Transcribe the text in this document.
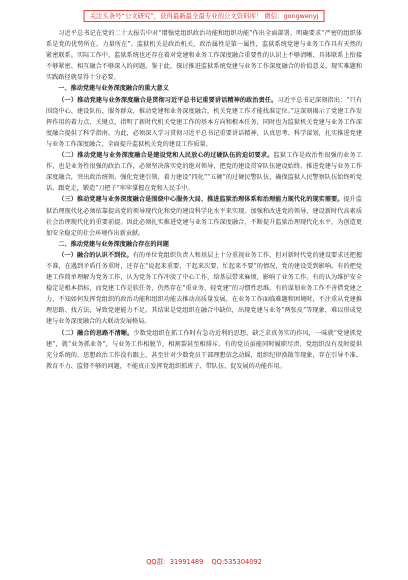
关注头条号“公文研究”，获得最新最全最专业的公文资料库！ 微信：gongwenyj

习近平总书记在党的二十大报告中对“增强党组织政治功能和组织功能”作出全面部署，明确要求“严密的组织体系是党的优势所在、力量所在”。监狱机关是政治机关，政治属性是第一属性，监狱系统党建与业务工作具有天然的紧密联系。实际工作中，监狱系统也还存在着对党建和业务工作深度融合重要性的认识上不够清晰、具体联系上衔接不够紧密、相互融合不够深入的问题。鉴于此，探讨推进监狱系统党建与业务工作深度融合的价值意义、现实难题和实践路径就显得十分必要。

一、推动党建与业务深度融合的重大意义

（一）推动党建与业务深度融合是贯彻习近平总书记重要讲话精神的政治责任。习近平总书记深刻指出：“只有围绕中心、建设队伍、服务群众，推动党建和业务深度融合，机关党建工作才能找准定位。”这深刻揭示了党建工作发挥作用的着力点、关键点，指明了新时代机关党建工作的基本方向和根本任务，同时也为监狱机关党建与业务工作深度融合提供了科学指南。为此，必须深入学习贯彻习近平总书记重要讲话精神，认真思考、科学谋划，扎实推进党建与业务工作深度融合，全面提升监狱机关党的建设工作质量。

（二）推动党建与业务深度融合是建设党和人民放心的过硬队伍的迫切要求。监狱工作是政治性很强的业务工作，也是业务性很强的政治工作，必须坚决落实党的绝对领导，把党的建设贯穿队伍建设始终。推进党建与业务工作深度融合，突出政治统领、强化党建引领，着力建设“四化”“五硬”的过硬民警队伍，确保监狱人民警察队伍始终听党话、跟党走，锻造“刀把子”牢牢掌握在党和人民手中。

（三）推动党建与业务深度融合是围绕中心服务大局、推进监狱治理体系和治理能力现代化的现实需要。提升监狱治理现代化必须依靠提高党的领导现代化和党的建设科学化水平来实现。加强和改进党的领导，建设新时代高素质社会治理现代化的重要前提。因此必须扎实推进党建与业务工作深度融合，不断提升监狱治理现代化水平，为创造更加安全稳定的社会环境作出新贡献。

二、推动党建与业务深度融合存在的问题

（一）融合的认识不到位。有的单位党组织负责人和基层上十分重视业务工作，但对新时代党的建设要求还把握不准，在遇到矛盾任务重时，还存在“说起来重要、干起来次要、忙起来不要”的情况，党的建设受到影响。有的把党建工作简单理解为党务工作，认为党务工作冲淡了中心工作，给基层带来麻烦，影响了业务工作。有的认为维护安全稳定是根本指标，而党建工作是软任务，仍然存在“重业务、轻党建”的习惯性思维。有的谋划业务工作不善借党建之力，不知如何发挥党组织的政治功能和组织功能去推动高质量发展，在业务工作面临难题和困境时，不注重从党建推理思路、找方法，导致党建能力不足。其结果是党组织在融合中缺位，出现党建与业务“两张皮”等现象，难以形成党建与业务深度融合的大联动发展格局。

（二）融合的思路不清晰。少数党组织在抓工作时有急功近利的思想，缺乏求真务实的作风，一味就“党建抓党建”，就“业务抓业务”，与业务工作相脱节，相割裂甚至相排斥。有的党员虽能同时履职尽责，党组织没有及时提供充分系统的、思想政治工作没有跟上，甚至针对少数党员干部理想信念动摇，组织纪律涣散等现象，存在引导不准、教育不力、监督不够的问题，不能真正发挥党组织抓班子、带队伍、促发展的功能作用。

QQ群：31991489 QQ:535304092
